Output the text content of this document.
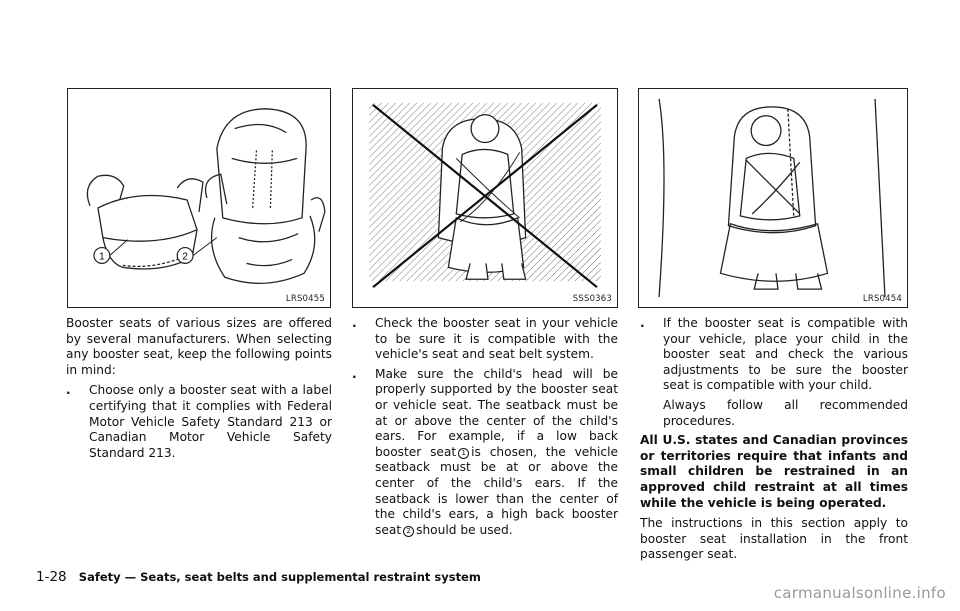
1	2
LRS0455	SSS0363	LRS0454

Booster seats of various sizes are offered by several manufacturers. When selecting any booster seat, keep the following points in mind:

. Choose only a booster seat with a label certifying that it complies with Federal Motor Vehicle Safety Standard 213 or Canadian Motor Vehicle Safety Standard 213.
. Check the booster seat in your vehicle to be sure it is compatible with the vehicle's seat and seat belt system.
. Make sure the child's head will be properly supported by the booster seat or vehicle seat. The seatback must be at or above the center of the child's ears. For example, if a low back booster seat 1 is chosen, the vehicle seatback must be at or above the center of the child's ears. If the seatback is lower than the center of the child's ears, a high back booster seat 2 should be used.
. If the booster seat is compatible with your vehicle, place your child in the booster seat and check the various adjustments to be sure the booster seat is compatible with your child.
Always follow all recommended procedures.

All U.S. states and Canadian provinces or territories require that infants and small children be restrained in an approved child restraint at all times while the vehicle is being operated.

The instructions in this section apply to booster seat installation in the front passenger seat.

1-28 Safety — Seats, seat belts and supplemental restraint system
carmanualsonline.info
